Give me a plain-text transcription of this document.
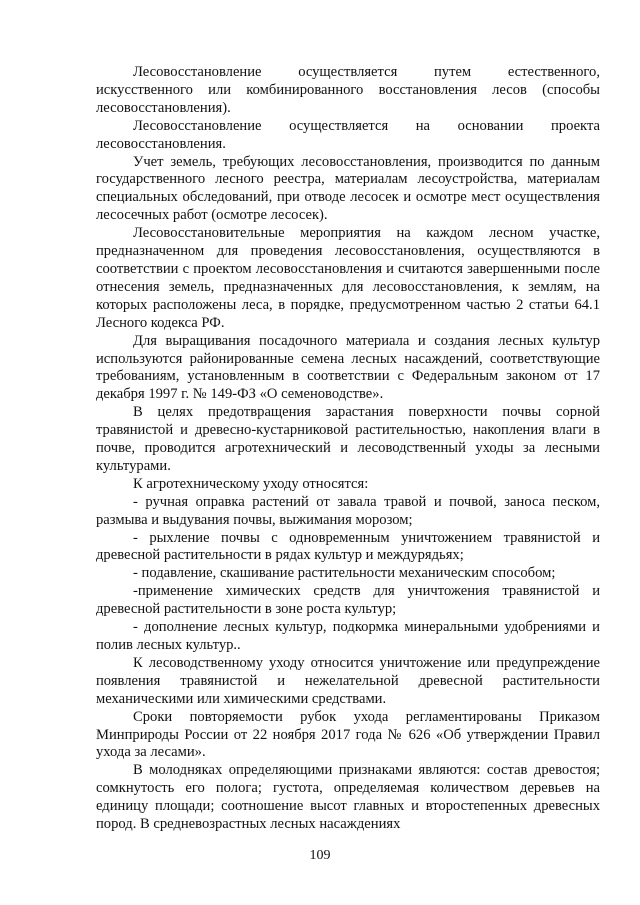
Лесовосстановление осуществляется путем естественного, искусственного или комбинированного восстановления лесов (способы лесовосстановления).

Лесовосстановление осуществляется на основании проекта лесовосстановления.

Учет земель, требующих лесовосстановления, производится по данным государственного лесного реестра, материалам лесоустройства, материалам специальных обследований, при отводе лесосек и осмотре мест осуществления лесосечных работ (осмотре лесосек).

Лесовосстановительные мероприятия на каждом лесном участке, предназначенном для проведения лесовосстановления, осуществляются в соответствии с проектом лесовосстановления и считаются завершенными после отнесения земель, предназначенных для лесовосстановления, к землям, на которых расположены леса, в порядке, предусмотренном частью 2 статьи 64.1 Лесного кодекса РФ.

Для выращивания посадочного материала и создания лесных культур используются районированные семена лесных насаждений, соответствующие требованиям, установленным в соответствии с Федеральным законом от 17 декабря 1997 г. № 149-ФЗ «О семеноводстве».

В целях предотвращения зарастания поверхности почвы сорной травянистой и древесно-кустарниковой растительностью, накопления влаги в почве, проводится агротехнический и лесоводственный уходы за лесными культурами.

К агротехническому уходу относятся:

- ручная оправка растений от завала травой и почвой, заноса песком, размыва и выдувания почвы, выжимания морозом;

- рыхление почвы с одновременным уничтожением травянистой и древесной растительности в рядах культур и междурядьях;

- подавление, скашивание растительности механическим способом;

-применение химических средств для уничтожения травянистой и древесной растительности в зоне роста культур;

- дополнение лесных культур, подкормка минеральными удобрениями и полив лесных культур..

К лесоводственному уходу относится уничтожение или предупреждение появления травянистой и нежелательной древесной растительности механическими или химическими средствами.

Сроки повторяемости рубок ухода регламентированы Приказом Минприроды России от 22 ноября 2017 года № 626 «Об утверждении Правил ухода за лесами».

В молодняках определяющими признаками являются: состав древостоя; сомкнутость его полога; густота, определяемая количеством деревьев на единицу площади; соотношение высот главных и второстепенных древесных пород. В средневозрастных лесных насаждениях

109
